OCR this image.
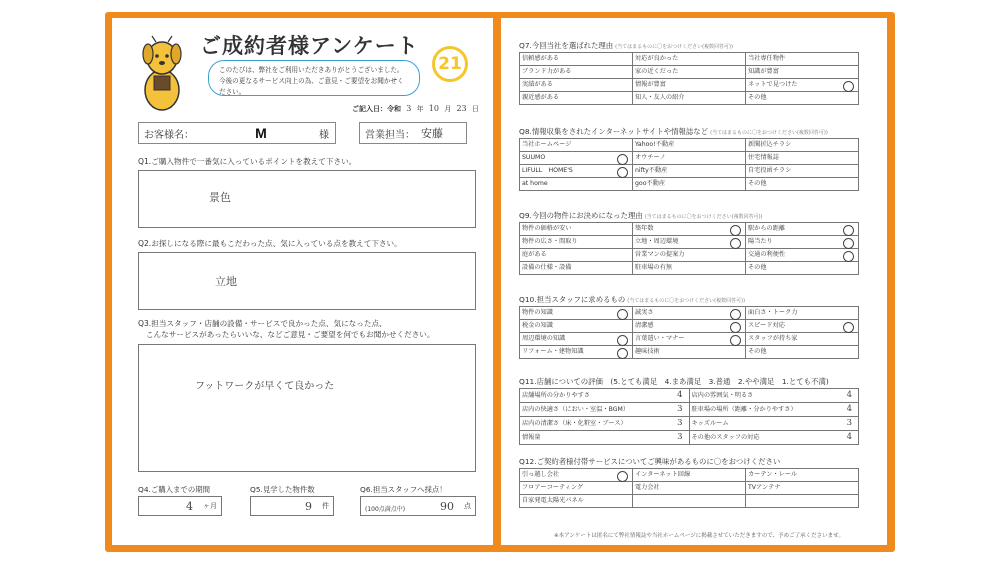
ご成約者様アンケート
このたびは、弊社をご利用いただきありがとうございました。
今後の更なるサービス向上の為、ご意見・ご要望をお聞かせください。
21
ご記入日：令和 3 年 10 月 23 日
お客様名：	M	様	営業担当： 安藤
Q1.ご購入物件で一番気に入っているポイントを教えて下さい。
景色
Q2.お探しになる際に最もこだわった点、気に入っている点を教えて下さい。
立地
Q3.担当スタッフ・店舗の設備・サービスで良かった点、気になった点、
こんなサービスがあったらいいな、などご意見・ご要望を何でもお聞かせください。
フットワークが早くて良かった
Q4.ご購入までの期間
4 ヶ月
Q5.見学した物件数
9 件
Q6.担当スタッフへ採点！
(100点満点中)	90 点
Q7.今回当社を選ばれた理由 (当てはまるものに〇をおつけください(複数回答可))
信頼感がある	対応が良かった	当社専任物件
ブランド力がある	家の近くだった	知識が豊富
実績がある	情報が豊富	ネットで見つけた
親近感がある	知人・友人の紹介	その他
Q8.情報収集をされたインターネットサイトや情報誌など (当てはまるものに〇をおつけください(複数回答可))
当社ホームページ	Yahoo!不動産	新聞折込チラシ
SUUMO	オウチーノ	住宅情報誌
LIFULL　HOME'S	nifty不動産	自宅投函チラシ
at home	goo不動産	その他
Q9.今回の物件にお決めになった理由 (当てはまるものに〇をおつけください(複数回答可))
物件の価格が安い	築年数	駅からの距離
物件の広さ・間取り	立地・周辺環境	陽当たり
庭がある	営業マンの提案力	交通の利便性
設備の仕様・設備	駐車場の有無	その他
Q10.担当スタッフに求めるもの (当てはまるものに〇をおつけください(複数回答可))
物件の知識	誠実さ	面白さ・トーク力
税金の知識	清潔感	スピード対応
周辺環境の知識	言葉遣い・マナー	スタッフが持ち家
リフォーム・建物知識	趣味技術	その他
Q11.店舗についての評価　(5.とても満足　4.まあ満足　3.普通　2.やや満足　1.とても不満)
店舗場所の分かりやすさ	4	店内の雰囲気・明るさ	4
店内の快適さ（におい・室温・BGM）	3	駐車場の場所（距離・分かりやすさ）	4
店内の清潔さ（床・化粧室・ブース）	3	キッズルーム	3
情報量	3	その他のスタッフの対応	4
Q12.ご契約者様付帯サービスについてご興味があるものに〇をおつけください
引っ越し会社	インターネット回線	カーテン・レール
フロアーコーティング	電力会社	TVアンテナ
自家発電太陽光パネル
※本アンケートは匿名にて弊社情報誌や当社ホームページに掲載させていただきますので、予めご了承くださいませ。
